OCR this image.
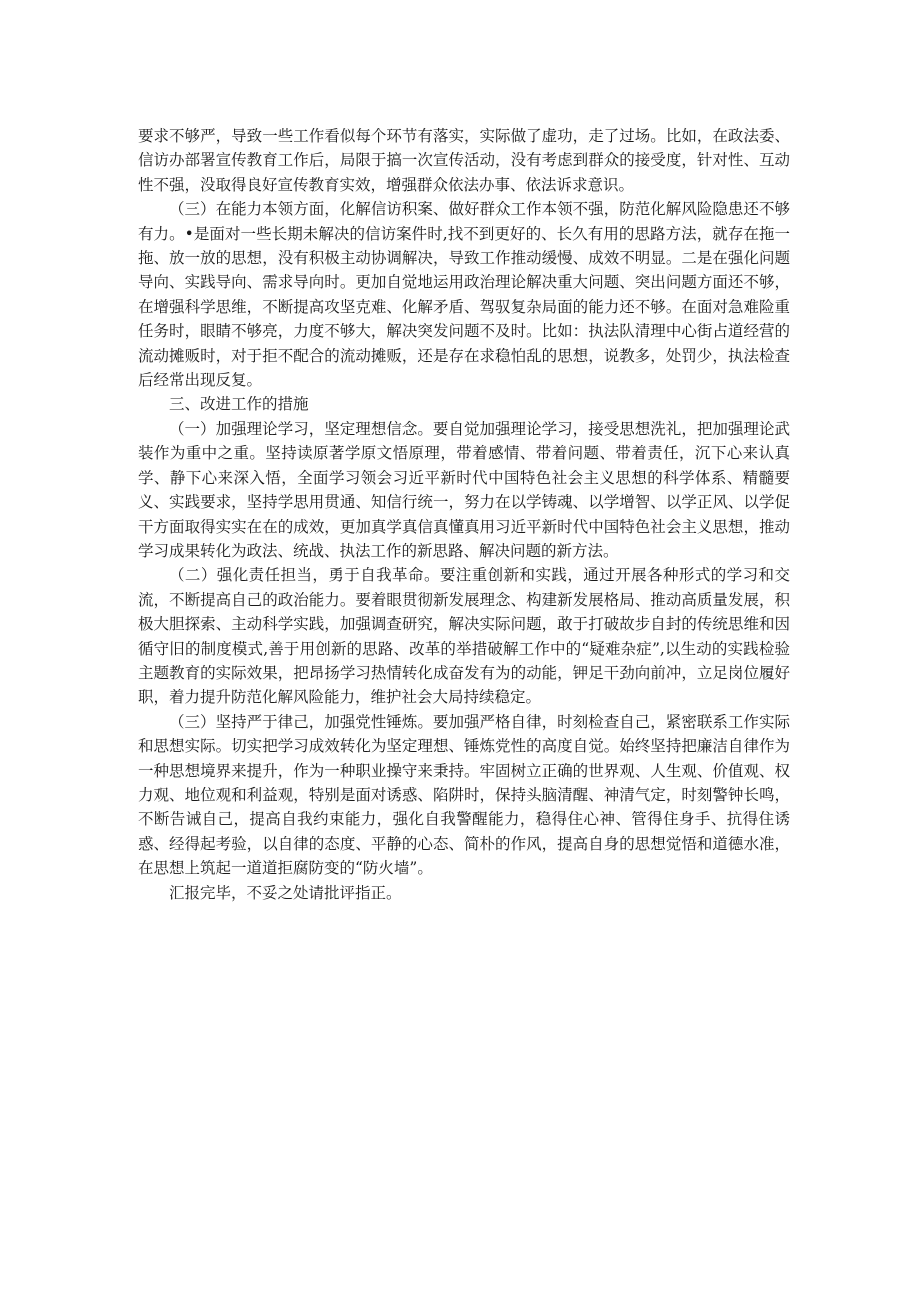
要求不够严，导致一些工作看似每个环节有落实，实际做了虚功，走了过场。比如，在政法委、信访办部署宣传教育工作后，局限于搞一次宣传活动，没有考虑到群众的接受度，针对性、互动性不强，没取得良好宣传教育实效，增强群众依法办事、依法诉求意识。

（三）在能力本领方面，化解信访积案、做好群众工作本领不强，防范化解风险隐患还不够有力。•是面对一些长期未解决的信访案件时,找不到更好的、长久有用的思路方法，就存在拖一拖、放一放的思想，没有积极主动协调解决，导致工作推动缓慢、成效不明显。二是在强化问题导向、实践导向、需求导向时。更加自觉地运用政治理论解决重大问题、突出问题方面还不够，在增强科学思维，不断提高攻坚克难、化解矛盾、驾驭复杂局面的能力还不够。在面对急难险重任务时，眼睛不够亮，力度不够大，解决突发问题不及时。比如：执法队清理中心街占道经营的流动摊贩时，对于拒不配合的流动摊贩，还是存在求稳怕乱的思想，说教多，处罚少，执法检查后经常出现反复。

三、改进工作的措施

（一）加强理论学习，坚定理想信念。要自觉加强理论学习，接受思想洗礼，把加强理论武装作为重中之重。坚持读原著学原文悟原理，带着感情、带着问题、带着责任，沉下心来认真学、静下心来深入悟，全面学习领会习近平新时代中国特色社会主义思想的科学体系、精髓要义、实践要求，坚持学思用贯通、知信行统一，努力在以学铸魂、以学增智、以学正风、以学促干方面取得实实在在的成效，更加真学真信真懂真用习近平新时代中国特色社会主义思想，推动学习成果转化为政法、统战、执法工作的新思路、解决问题的新方法。

（二）强化责任担当，勇于自我革命。要注重创新和实践，通过开展各种形式的学习和交流，不断提高自己的政治能力。要着眼贯彻新发展理念、构建新发展格局、推动高质量发展，积极大胆探索、主动科学实践，加强调查研究，解决实际问题，敢于打破故步自封的传统思维和因循守旧的制度模式,善于用创新的思路、改革的举措破解工作中的“疑难杂症”,以生动的实践检验主题教育的实际效果，把昂扬学习热情转化成奋发有为的动能，钾足干劲向前冲，立足岗位履好职，着力提升防范化解风险能力，维护社会大局持续稳定。

（三）坚持严于律己，加强党性锤炼。要加强严格自律，时刻检查自己，紧密联系工作实际和思想实际。切实把学习成效转化为坚定理想、锤炼党性的高度自觉。始终坚持把廉洁自律作为一种思想境界来提升，作为一种职业操守来秉持。牢固树立正确的世界观、人生观、价值观、权力观、地位观和利益观，特别是面对诱惑、陷阱时，保持头脑清醒、神清气定，时刻警钟长鸣，不断告诫自己，提高自我约束能力，强化自我警醒能力，稳得住心神、管得住身手、抗得住诱惑、经得起考验，以自律的态度、平静的心态、简朴的作风，提高自身的思想觉悟和道德水准，在思想上筑起一道道拒腐防变的“防火墙”。

汇报完毕，不妥之处请批评指正。
